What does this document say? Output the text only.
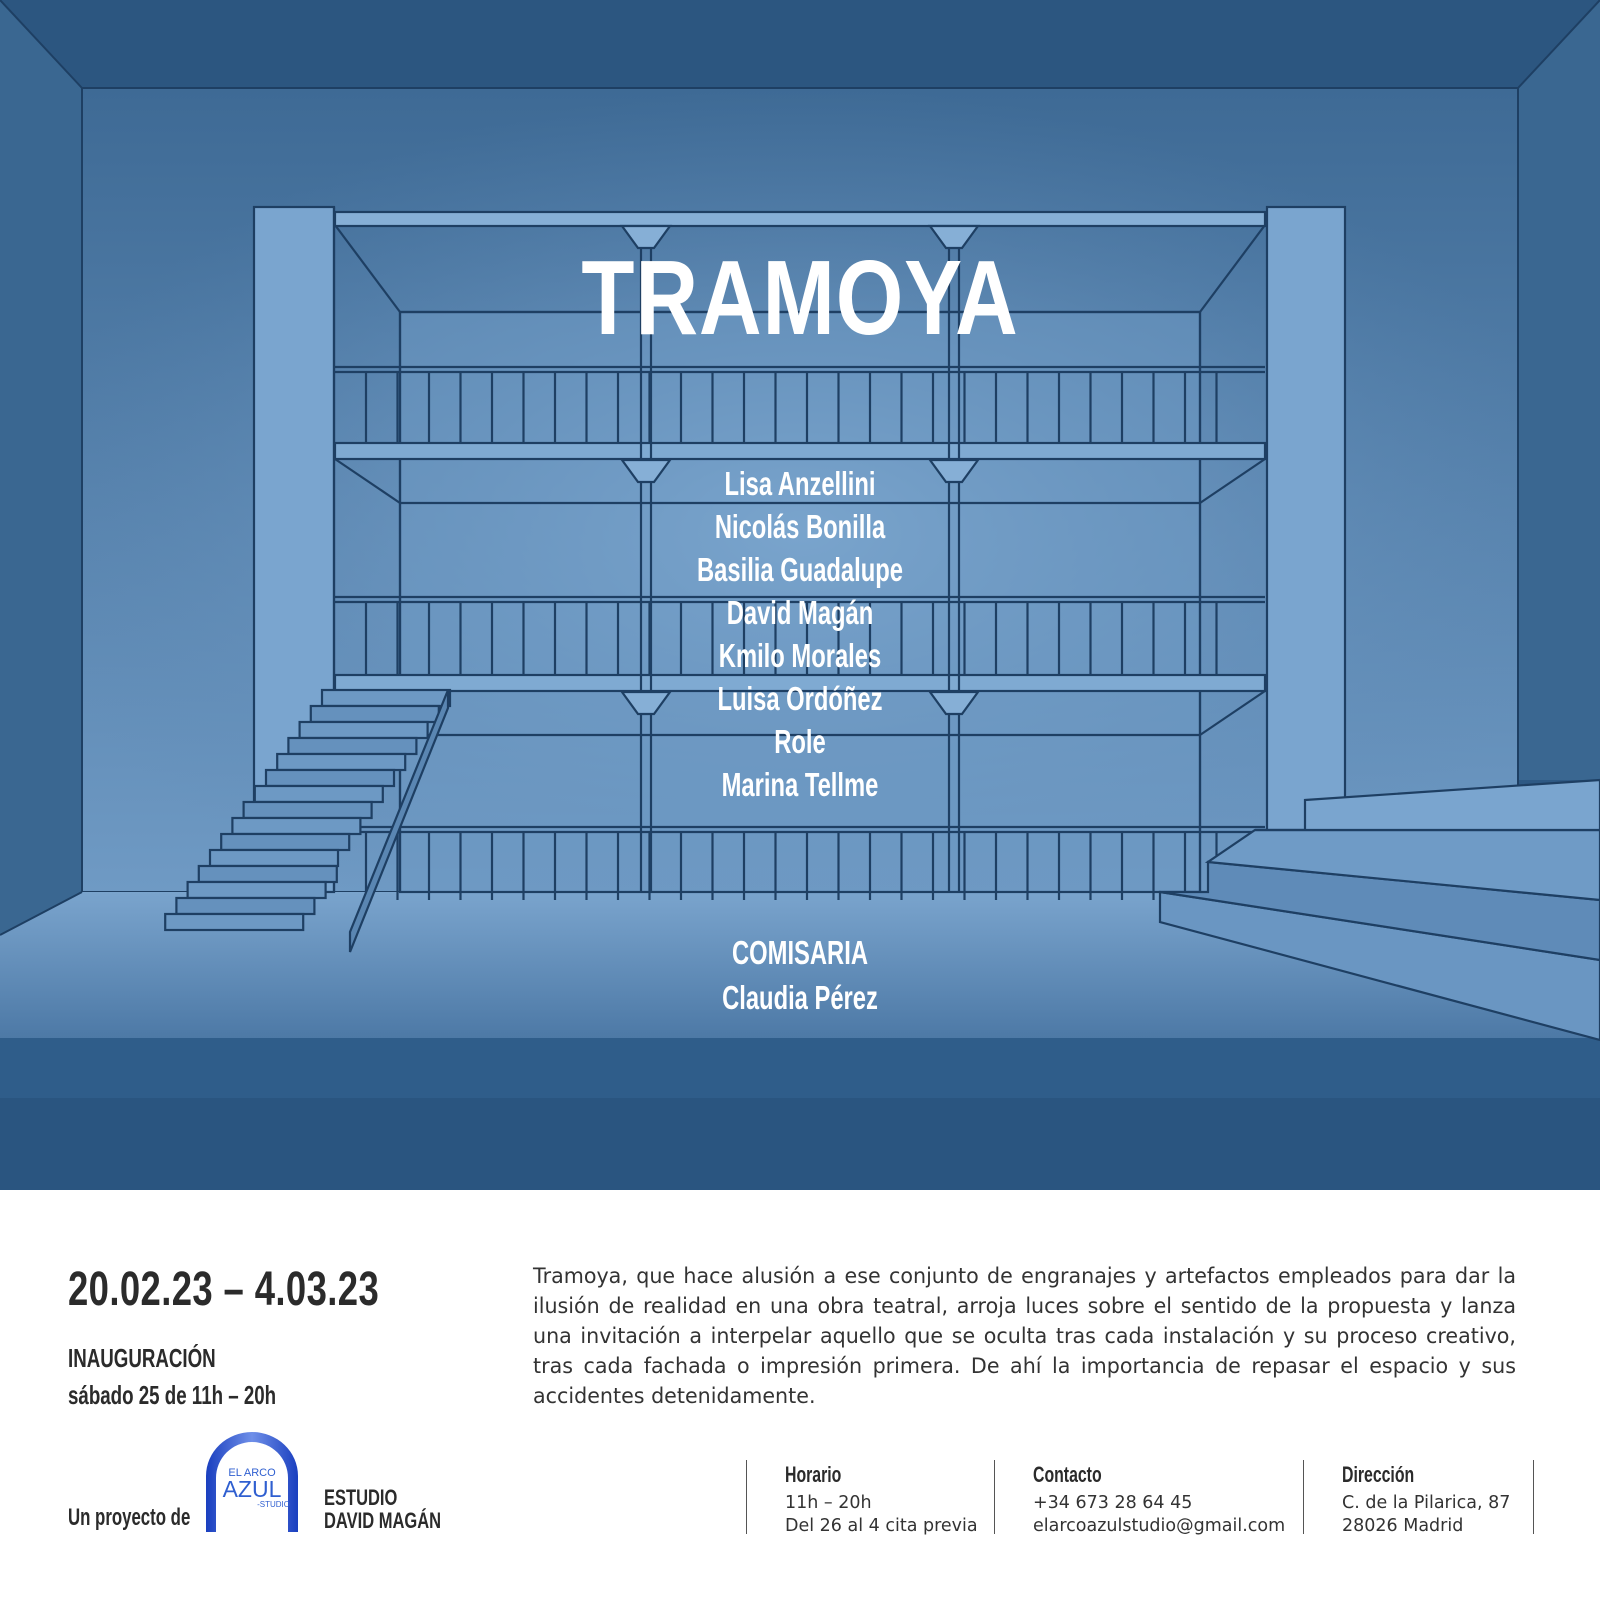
TRAMOYA
Lisa Anzellini
Nicolás Bonilla
Basilia Guadalupe
David Magán
Kmilo Morales
Luisa Ordóñez
Role
Marina Tellme
COMISARIA
Claudia Pérez
20.02.23 – 4.03.23
INAUGURACIÓN
sábado 25 de 11h – 20h

Tramoya, que hace alusión a ese conjunto de engranajes y artefactos empleados para dar la ilusión de realidad en una obra teatral, arroja luces sobre el sentido de la propuesta y lanza una invitación a interpelar aquello que se oculta tras cada instalación y su proceso creativo, tras cada fachada o impresión primera. De ahí la importancia de repasar el espacio y sus accidentes detenidamente.

Un proyecto de
EL ARCO
AZUL
-STUDIO	ESTUDIO
DAVID MAGÁN
Horario
11h – 20h
Del 26 al 4 cita previa
Contacto
+34 673 28 64 45
elarcoazulstudio@gmail.com
Dirección
C. de la Pilarica, 87
28026 Madrid
